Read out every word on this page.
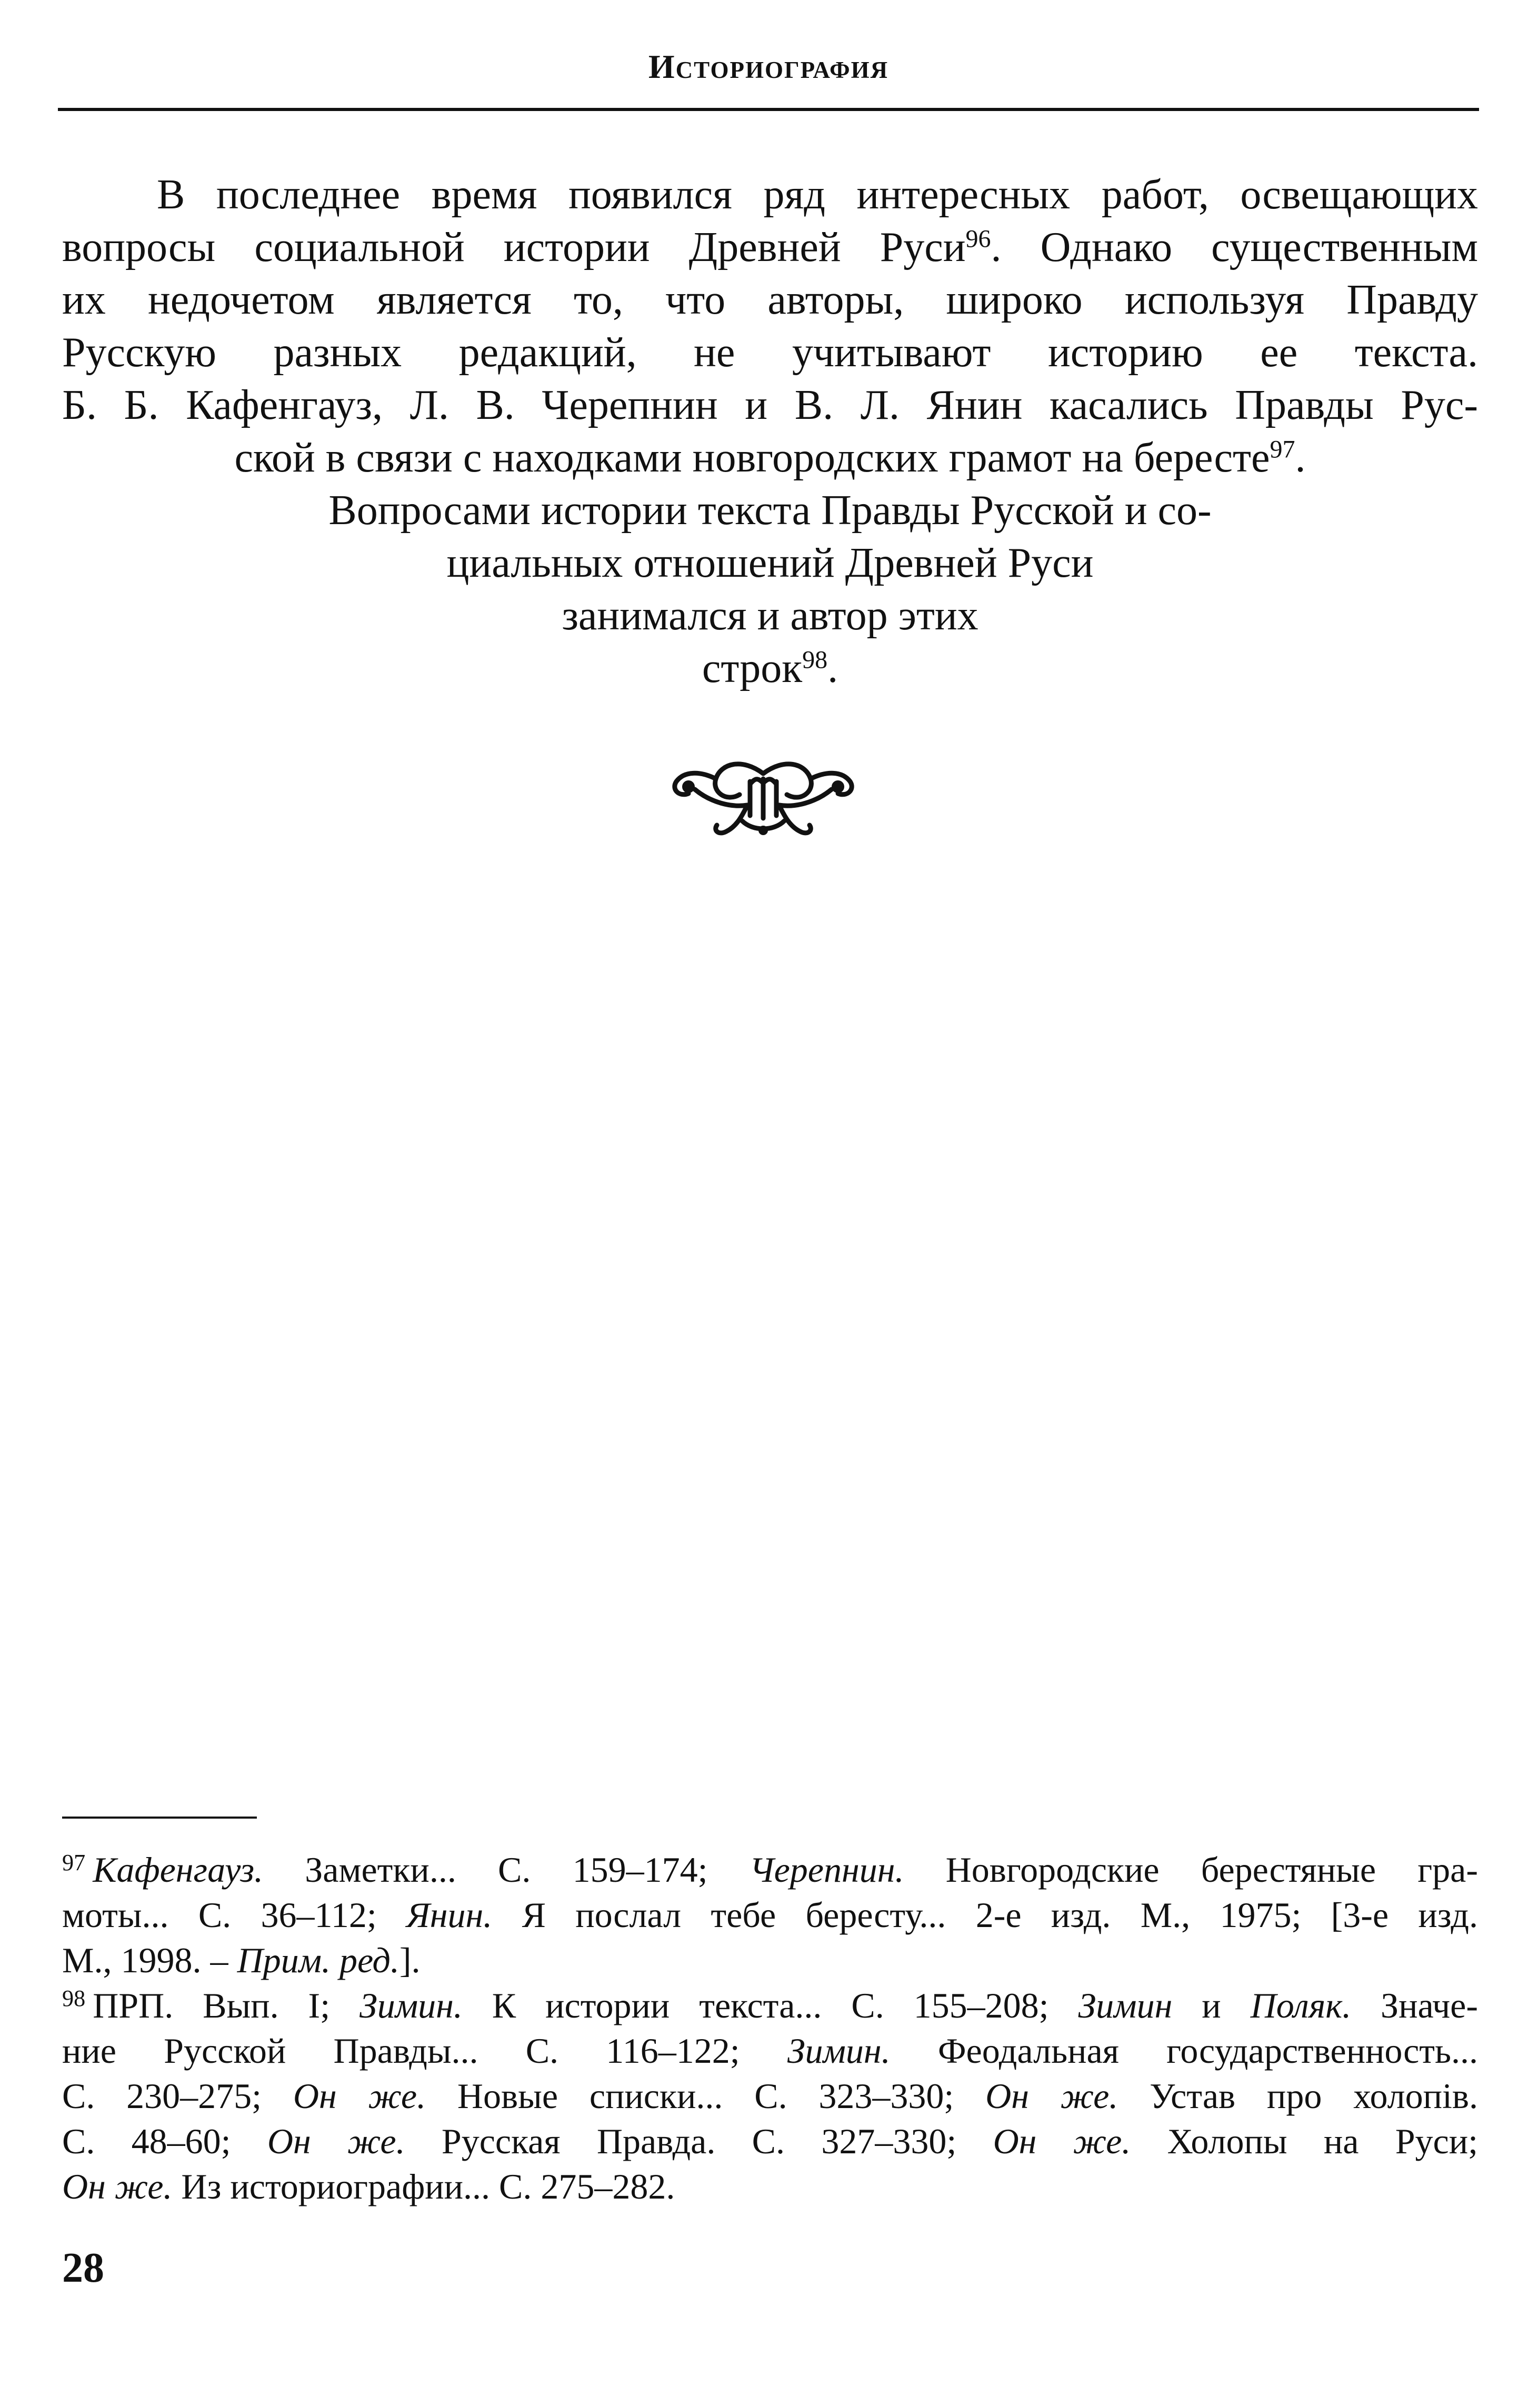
Историография
В последнее время появился ряд интересных работ, освещающих
вопросы социальной истории Древней Руси$^{96}$. Однако существенным
их недочетом является то, что авторы, широко используя Правду
Русскую разных редакций, не учитывают историю ее текста.
Б. Б. Кафенгауз, Л. В. Черепнин и В. Л. Янин касались Правды Рус-
ской в связи с находками новгородских грамот на бересте$^{97}$.
Вопросами истории текста Правды Русской и со-
циальных отношений Древней Руси
занимался и автор этих
строк$^{98}$.
$^{97}$ Кафенгауз. Заметки... С. 159–174; Черепнин. Новгородские берестяные гра-
моты... С. 36–112; Янин. Я послал тебе бересту... 2-е изд. М., 1975; [3-е изд.
М., 1998. – Прим. ред.].
$^{98}$ ПРП. Вып. I; Зимин. К истории текста... С. 155–208; Зимин и Поляк. Значе-
ние Русской Правды... С. 116–122; Зимин. Феодальная государственность...
С. 230–275; Он же. Новые списки... С. 323–330; Он же. Устав про холопів.
С. 48–60; Он же. Русская Правда. С. 327–330; Он же. Холопы на Руси;
Он же. Из историографии... С. 275–282.
28
